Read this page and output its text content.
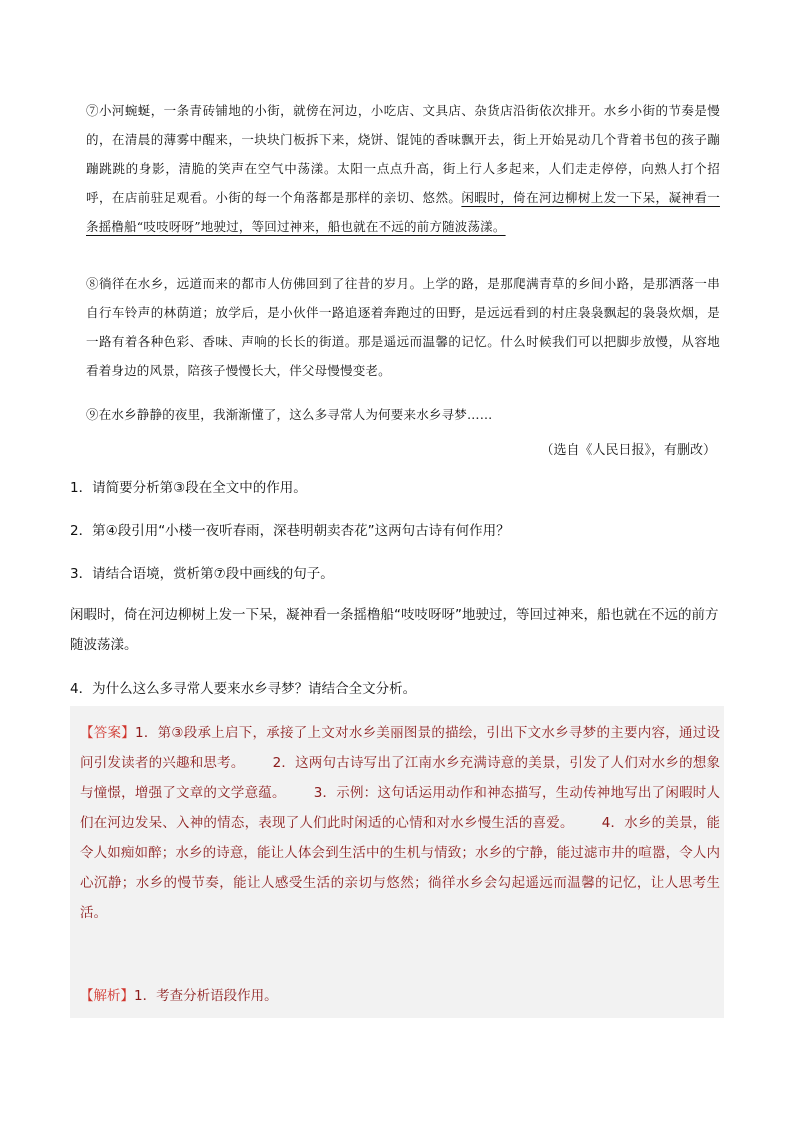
⑦小河蜿蜒，一条青砖铺地的小街，就傍在河边，小吃店、文具店、杂货店沿街依次排开。水乡小街的节奏是慢的，在清晨的薄雾中醒来，一块块门板拆下来，烧饼、馄饨的香味飘开去，街上开始晃动几个背着书包的孩子蹦蹦跳跳的身影，清脆的笑声在空气中荡漾。太阳一点点升高，街上行人多起来，人们走走停停，向熟人打个招呼，在店前驻足观看。小街的每一个角落都是那样的亲切、悠然。闲暇时，倚在河边柳树上发一下呆，凝神看一条摇橹船“吱吱呀呀”地驶过，等回过神来，船也就在不远的前方随波荡漾。

⑧徜徉在水乡，远道而来的都市人仿佛回到了往昔的岁月。上学的路，是那爬满青草的乡间小路，是那洒落一串自行车铃声的林荫道；放学后，是小伙伴一路追逐着奔跑过的田野，是远远看到的村庄袅袅飘起的袅袅炊烟，是一路有着各种色彩、香味、声响的长长的街道。那是遥远而温馨的记忆。什么时候我们可以把脚步放慢，从容地看着身边的风景，陪孩子慢慢长大，伴父母慢慢变老。

⑨在水乡静静的夜里，我渐渐懂了，这么多寻常人为何要来水乡寻梦……

（选自《人民日报》，有删改）

1．请简要分析第③段在全文中的作用。

2．第④段引用“小楼一夜听春雨，深巷明朝卖杏花”这两句古诗有何作用？

3．请结合语境，赏析第⑦段中画线的句子。

闲暇时，倚在河边柳树上发一下呆，凝神看一条摇橹船“吱吱呀呀”地驶过，等回过神来，船也就在不远的前方随波荡漾。

4．为什么这么多寻常人要来水乡寻梦？请结合全文分析。

【答案】1．第③段承上启下，承接了上文对水乡美丽图景的描绘，引出下文水乡寻梦的主要内容，通过设问引发读者的兴趣和思考。 2．这两句古诗写出了江南水乡充满诗意的美景，引发了人们对水乡的想象与憧憬，增强了文章的文学意蕴。 3．示例：这句话运用动作和神态描写，生动传神地写出了闲暇时人们在河边发呆、入神的情态，表现了人们此时闲适的心情和对水乡慢生活的喜爱。 4．水乡的美景，能令人如痴如醉；水乡的诗意，能让人体会到生活中的生机与情致；水乡的宁静，能过滤市井的喧嚣，令人内心沉静；水乡的慢节奏，能让人感受生活的亲切与悠然；徜徉水乡会勾起遥远而温馨的记忆，让人思考生活。

【解析】1．考查分析语段作用。
